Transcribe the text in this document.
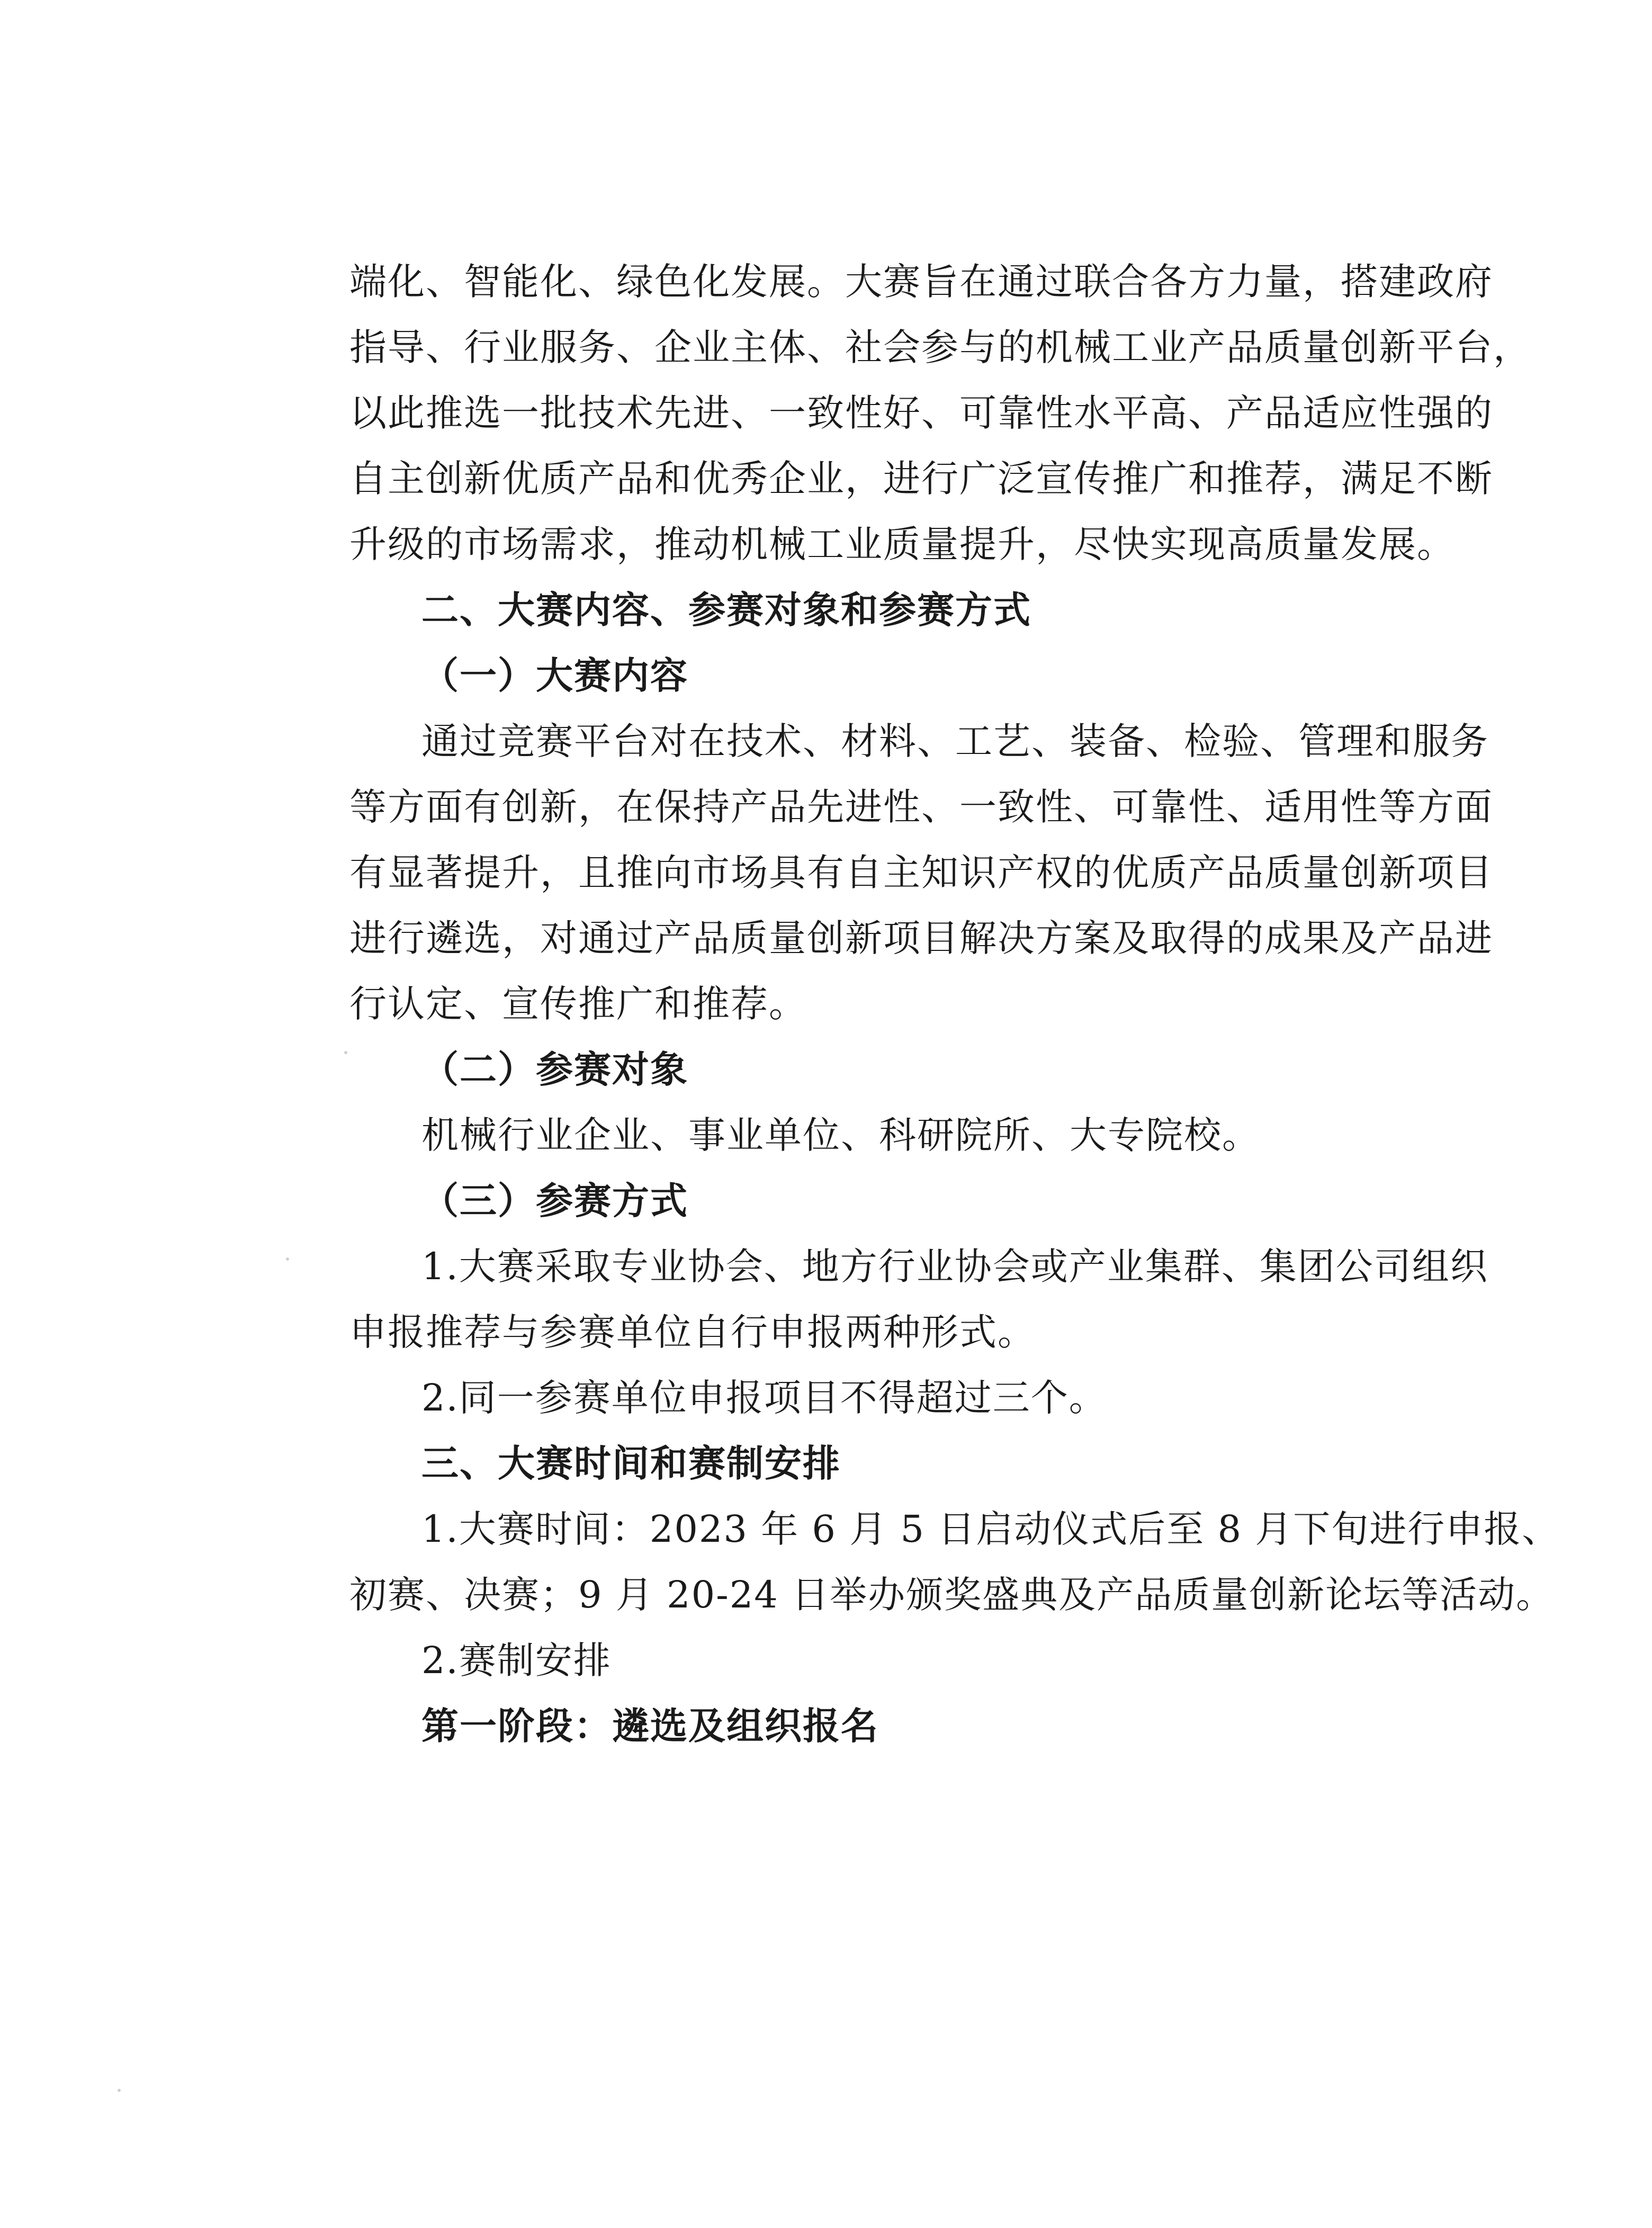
端化、智能化、绿色化发展。大赛旨在通过联合各方力量，搭建政府

指导、行业服务、企业主体、社会参与的机械工业产品质量创新平台，

以此推选一批技术先进、一致性好、可靠性水平高、产品适应性强的

自主创新优质产品和优秀企业，进行广泛宣传推广和推荐，满足不断

升级的市场需求，推动机械工业质量提升，尽快实现高质量发展。

二、大赛内容、参赛对象和参赛方式

（一）大赛内容

通过竞赛平台对在技术、材料、工艺、装备、检验、管理和服务

等方面有创新，在保持产品先进性、一致性、可靠性、适用性等方面

有显著提升，且推向市场具有自主知识产权的优质产品质量创新项目

进行遴选，对通过产品质量创新项目解决方案及取得的成果及产品进

行认定、宣传推广和推荐。

（二）参赛对象

机械行业企业、事业单位、科研院所、大专院校。

（三）参赛方式

1.大赛采取专业协会、地方行业协会或产业集群、集团公司组织

申报推荐与参赛单位自行申报两种形式。

2.同一参赛单位申报项目不得超过三个。

三、大赛时间和赛制安排

1.大赛时间：2023 年 6 月 5 日启动仪式后至 8 月下旬进行申报、

初赛、决赛；9 月 20-24 日举办颁奖盛典及产品质量创新论坛等活动。

2.赛制安排

第一阶段：遴选及组织报名
